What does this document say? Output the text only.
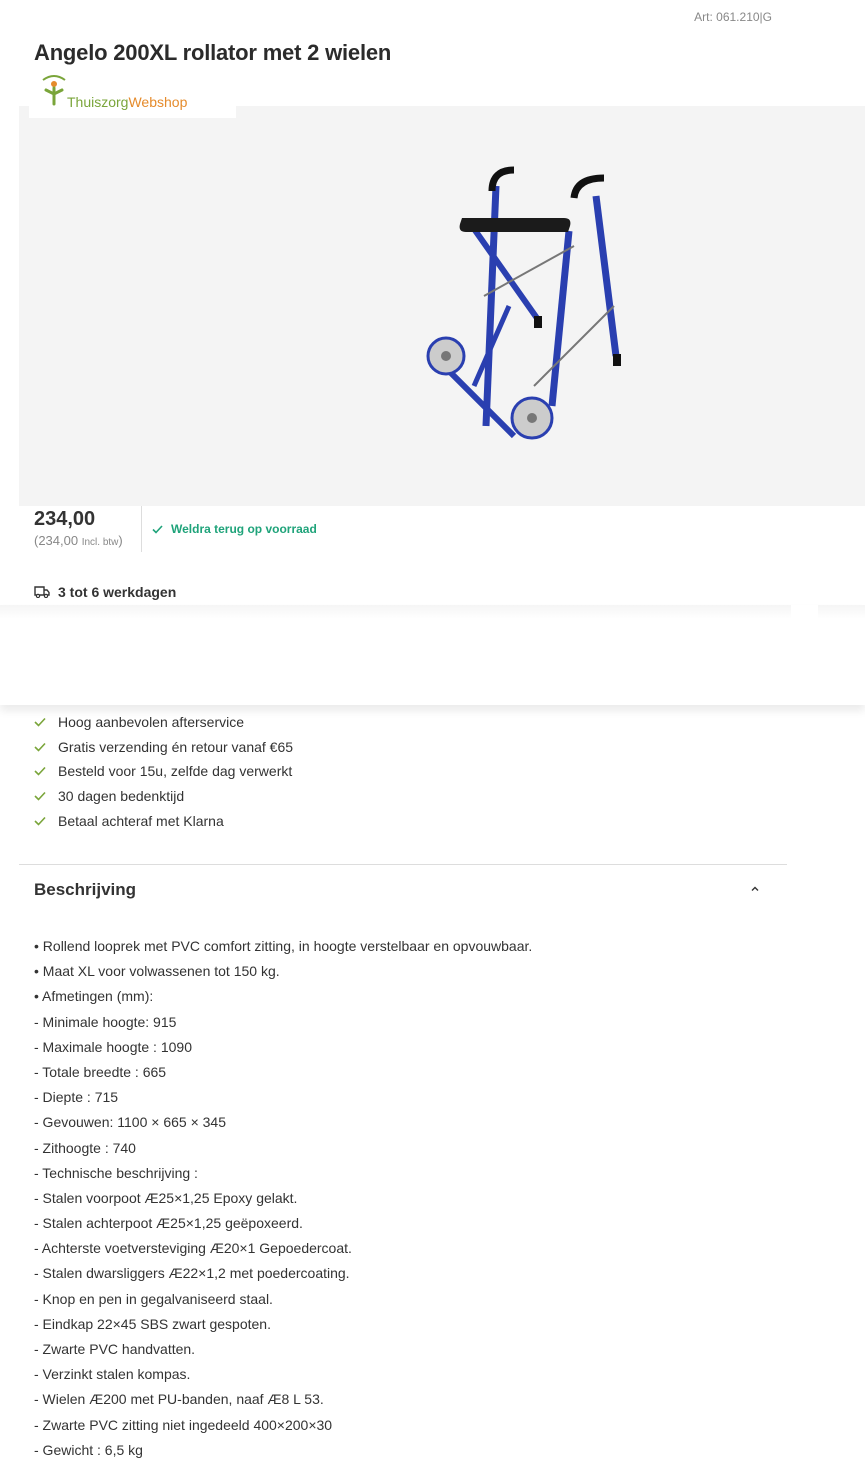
Art: 061.210|G
Angelo 200XL rollator met 2 wielen
ThuiszorgWebshop
234,00
(234,00 Incl. btw)
Weldra terug op voorraad
3 tot 6 werkdagen
Hoog aanbevolen afterservice
Gratis verzending én retour vanaf €65
Besteld voor 15u, zelfde dag verwerkt
30 dagen bedenktijd
Betaal achteraf met Klarna
Beschrijving
• Rollend looprek met PVC comfort zitting, in hoogte verstelbaar en opvouwbaar.
• Maat XL voor volwassenen tot 150 kg.
• Afmetingen (mm):
- Minimale hoogte: 915
- Maximale hoogte : 1090
- Totale breedte : 665
- Diepte : 715
- Gevouwen: 1100 × 665 × 345
- Zithoogte : 740
- Technische beschrijving :
- Stalen voorpoot Æ25×1,25 Epoxy gelakt.
- Stalen achterpoot Æ25×1,25 geëpoxeerd.
- Achterste voetversteviging Æ20×1 Gepoedercoat.
- Stalen dwarsliggers Æ22×1,2 met poedercoating.
- Knop en pen in gegalvaniseerd staal.
- Eindkap 22×45 SBS zwart gespoten.
- Zwarte PVC handvatten.
- Verzinkt stalen kompas.
- Wielen Æ200 met PU-banden, naaf Æ8 L 53.
- Zwarte PVC zitting niet ingedeeld 400×200×30
- Gewicht : 6,5 kg
